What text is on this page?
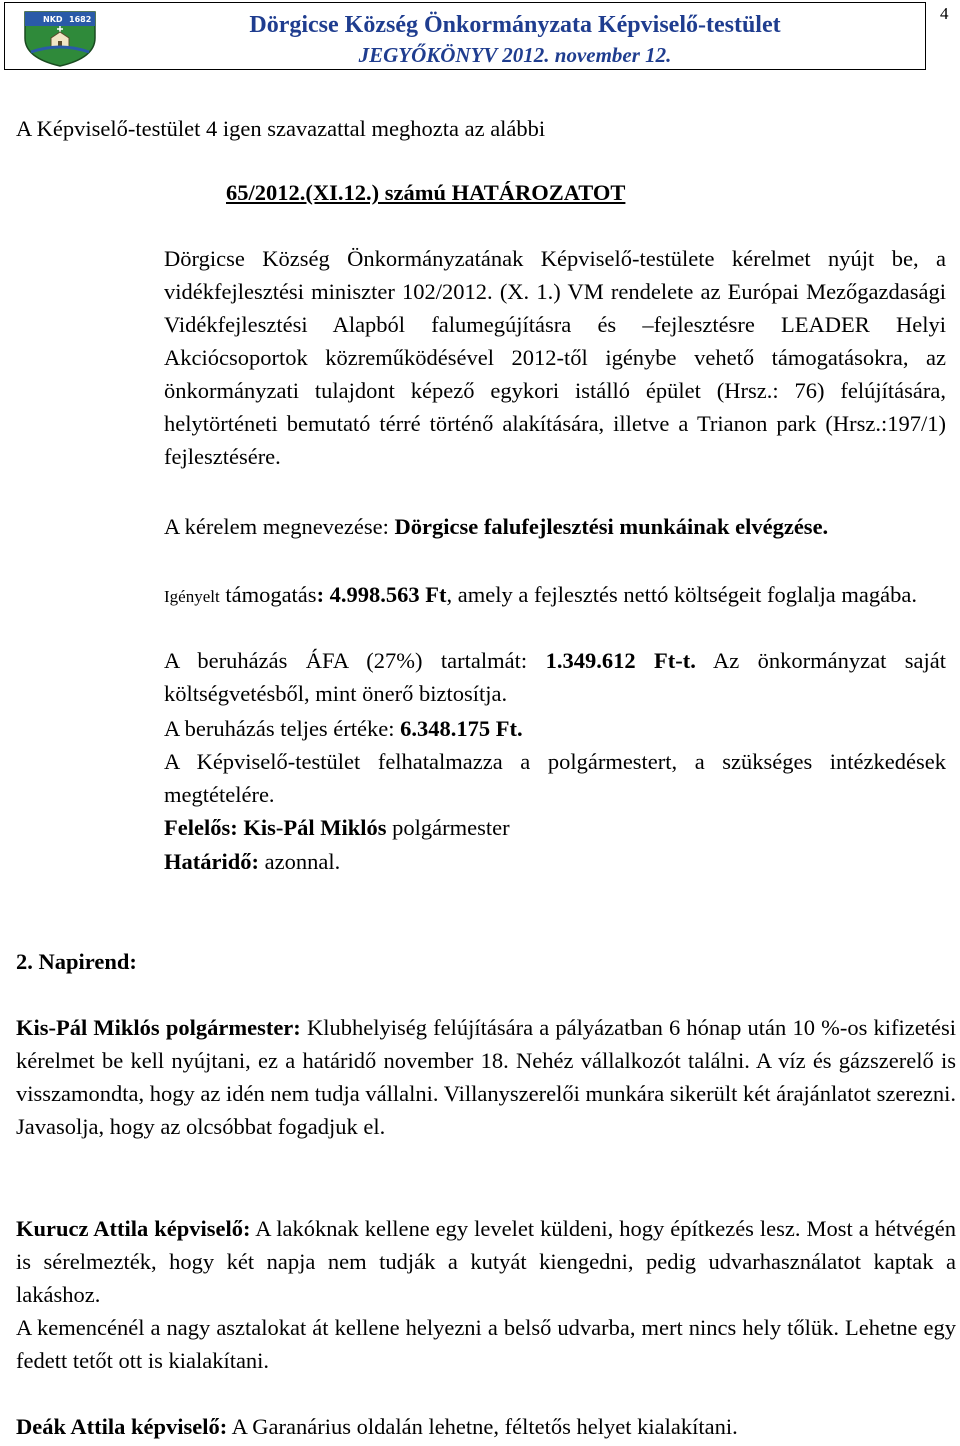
NKD 1682	Dörgicse Község Önkormányzata Képviselő-testület
JEGYŐKÖNYV 2012. november 12.
4

A Képviselő-testület 4 igen szavazattal meghozta az alábbi

65/2012.(XI.12.) számú HATÁROZATOT

Dörgicse Község Önkormányzatának Képviselő-testülete kérelmet nyújt be, a vidékfejlesztési miniszter 102/2012. (X. 1.) VM rendelete az Európai Mezőgazdasági Vidékfejlesztési Alapból falumegújításra és –fejlesztésre LEADER Helyi Akciócsoportok közreműködésével 2012-től igénybe vehető támogatásokra, az önkormányzati tulajdont képező egykori istálló épület (Hrsz.: 76) felújítására, helytörténeti bemutató térré történő alakítására, illetve a Trianon park (Hrsz.:197/1) fejlesztésére.

A kérelem megnevezése: Dörgicse falufejlesztési munkáinak elvégzése.

Igényelt támogatás: 4.998.563 Ft, amely a fejlesztés nettó költségeit foglalja magába.

A beruházás ÁFA (27%) tartalmát: 1.349.612 Ft-t. Az önkormányzat saját költségvetésből, mint önerő biztosítja.

A beruházás teljes értéke: 6.348.175 Ft.

A Képviselő-testület felhatalmazza a polgármestert, a szükséges intézkedések megtételére.

Felelős: Kis-Pál Miklós polgármester

Határidő: azonnal.

2. Napirend:

Kis-Pál Miklós polgármester: Klubhelyiség felújítására a pályázatban 6 hónap után 10 %-os kifizetési kérelmet be kell nyújtani, ez a határidő november 18. Nehéz vállalkozót találni. A víz és gázszerelő is visszamondta, hogy az idén nem tudja vállalni. Villanyszerelői munkára sikerült két árajánlatot szerezni. Javasolja, hogy az olcsóbbat fogadjuk el.

Kurucz Attila képviselő: A lakóknak kellene egy levelet küldeni, hogy építkezés lesz. Most a hétvégén is sérelmezték, hogy két napja nem tudják a kutyát kiengedni, pedig udvarhasználatot kaptak a lakáshoz.

A kemencénél a nagy asztalokat át kellene helyezni a belső udvarba, mert nincs hely tőlük. Lehetne egy fedett tetőt ott is kialakítani.

Deák Attila képviselő: A Garanárius oldalán lehetne, féltetős helyet kialakítani.
